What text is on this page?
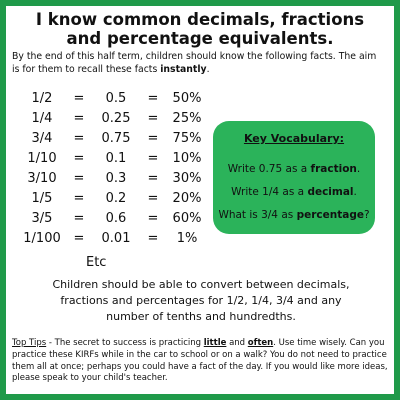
I know common decimals, fractions and percentage equivalents.
By the end of this half term, children should know the following facts. The aim is for them to recall these facts instantly.
1/2	=	0.5	=	50%
1/4	=	0.25	=	25%
3/4	=	0.75	=	75%
1/10	=	0.1	=	10%
3/10	=	0.3	=	30%
1/5	=	0.2	=	20%
3/5	=	0.6	=	60%
1/100 =	0.01	=	1%
Etc
Key Vocabulary:
Write 0.75 as a fraction.
Write 1/4 as a decimal.
What is 3/4 as percentage?
Children should be able to convert between decimals, fractions and percentages for 1/2, 1/4, 3/4 and any number of tenths and hundredths.
Top Tips - The secret to success is practicing little and often. Use time wisely. Can you practice these KIRFs while in the car to school or on a walk? You do not need to practice them all at once; perhaps you could have a fact of the day. If you would like more ideas, please speak to your child's teacher.
